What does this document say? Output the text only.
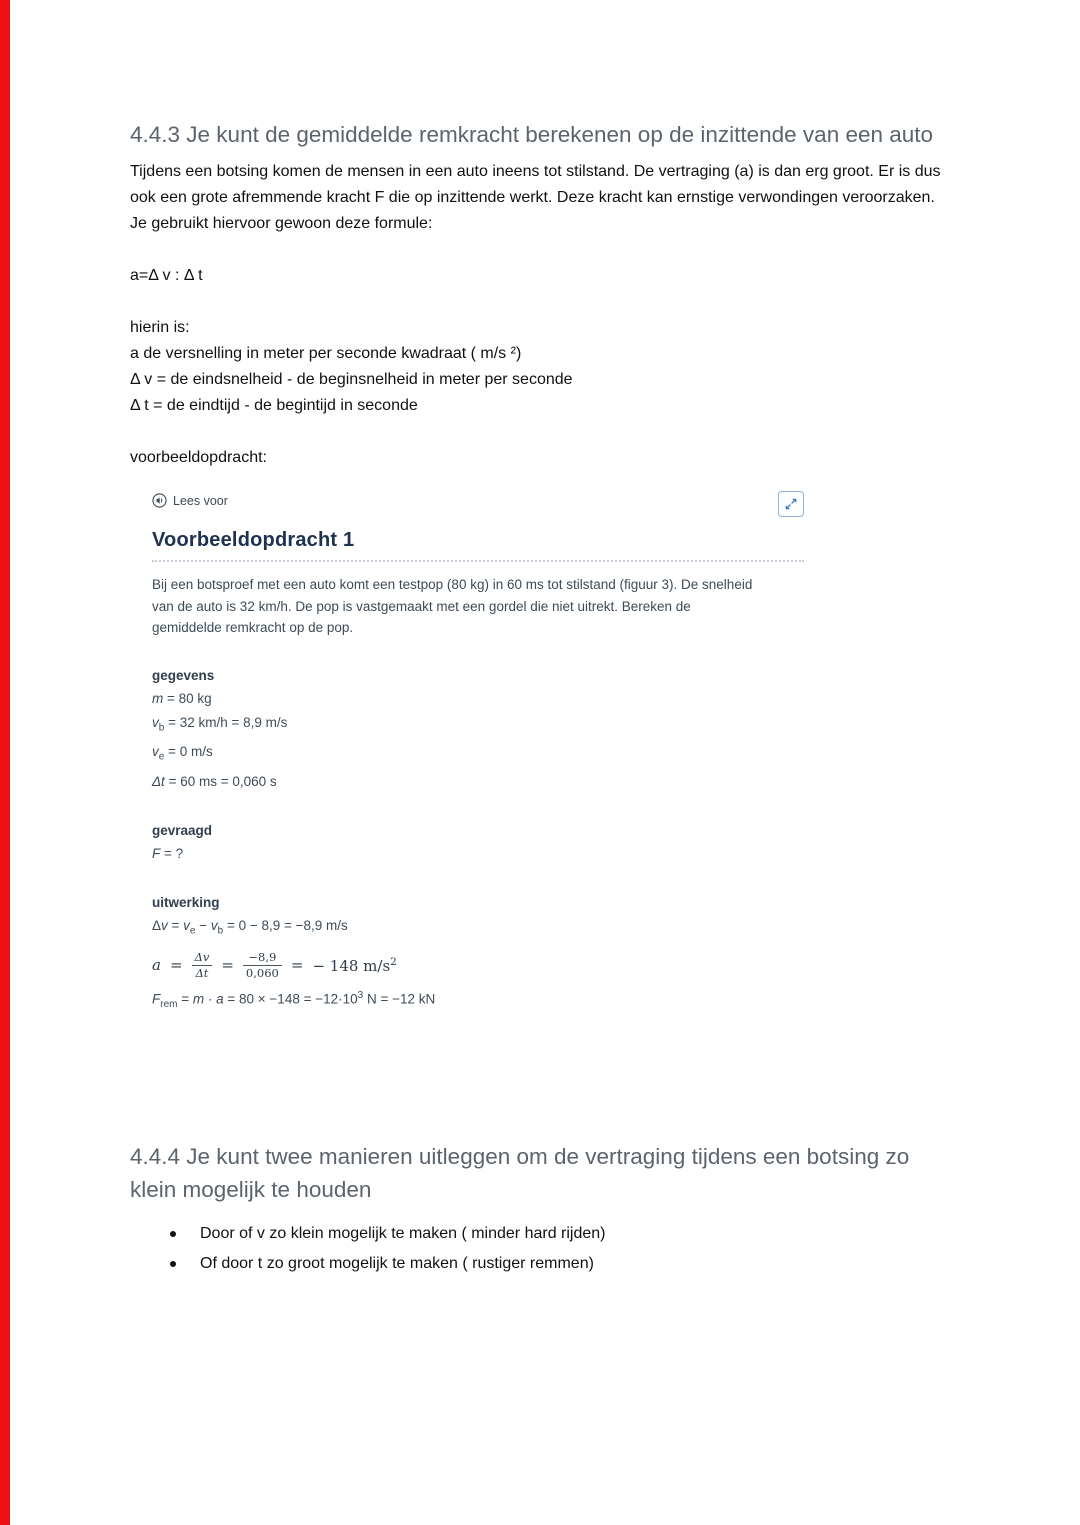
4.4.3 Je kunt de gemiddelde remkracht berekenen op de inzittende van een auto

Tijdens een botsing komen de mensen in een auto ineens tot stilstand. De vertraging (a) is dan erg groot. Er is dus ook een grote afremmende kracht F die op inzittende werkt. Deze kracht kan ernstige verwondingen veroorzaken. Je gebruikt hiervoor gewoon deze formule:

a=Δ v : Δ t

hierin is:
a de versnelling in meter per seconde kwadraat ( m/s ²)
Δ v = de eindsnelheid - de beginsnelheid in meter per seconde
Δ t = de eindtijd - de begintijd in seconde

voorbeeldopdracht:

Lees voor
Voorbeeldopdracht 1

Bij een botsproef met een auto komt een testpop (80 kg) in 60 ms tot stilstand (figuur 3). De snelheid van de auto is 32 km/h. De pop is vastgemaakt met een gordel die niet uitrekt. Bereken de gemiddelde remkracht op de pop.

gegevens
m = 80 kg
$v_b = 32$ km/h = 8,9 m/s
$v_e = 0$ m/s
Δt = 60 ms = 0,060 s
gevraagd
F = ?
uitwerking
$\Delta v = v_e - v_b = 0 - 8,9 = -8,9$ m/s
$a = \frac{\Delta v}{\Delta t} = \frac{-8,9}{0,060}$ = − 148 $m/s^2$
$F_{rem} = m \cdot a = 80 \times -148 = -12\cdot 10^3$ N = −12 kN
4.4.4 Je kunt twee manieren uitleggen om de vertraging tijdens een botsing zo klein mogelijk te houden
Door of v zo klein mogelijk te maken ( minder hard rijden)
Of door t zo groot mogelijk te maken ( rustiger remmen)
